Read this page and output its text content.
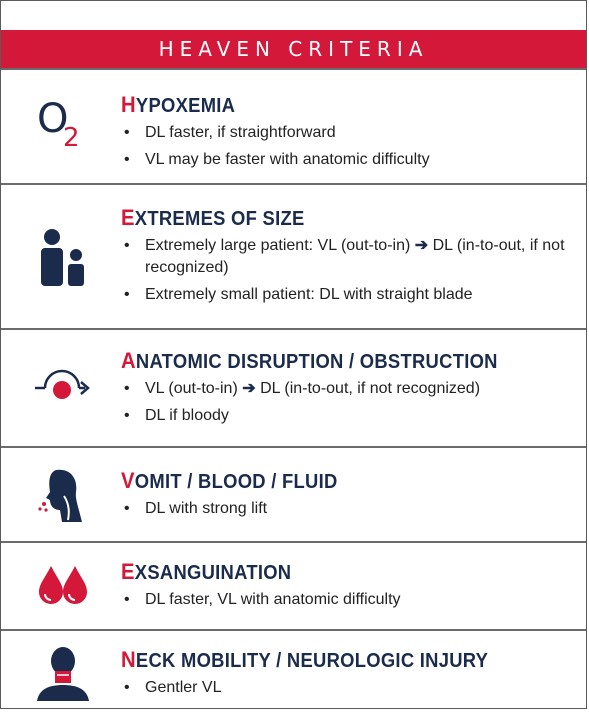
HEAVEN CRITERIA
O
2
HYPOXEMIA
• DL faster, if straightforward
• VL may be faster with anatomic difficulty
EXTREMES OF SIZE
• Extremely large patient: VL (out-to-in) ➔ DL (in-to-out, if not recognized)
• Extremely small patient: DL with straight blade
ANATOMIC DISRUPTION / OBSTRUCTION
• VL (out-to-in) ➔ DL (in-to-out, if not recognized)
• DL if bloody
VOMIT / BLOOD / FLUID
• DL with strong lift
EXSANGUINATION
• DL faster, VL with anatomic difficulty
NECK MOBILITY / NEUROLOGIC INJURY
• Gentler VL
